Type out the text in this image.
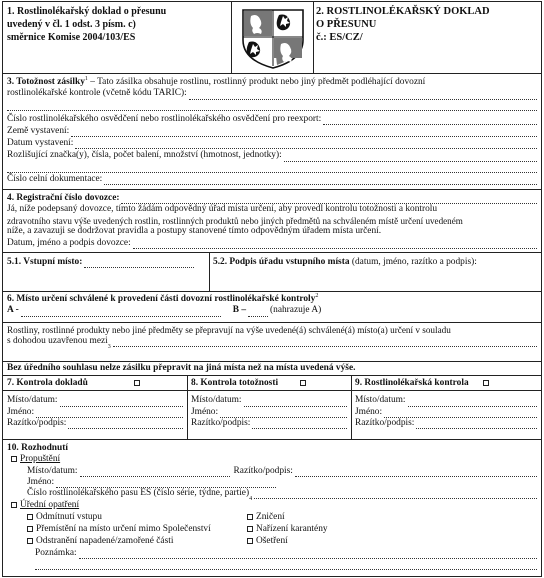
1. Rostlinolékařský doklad o přesunu
uvedený v čl. 1 odst. 3 písm. c)
směrnice Komise 2004/103/ES
2. ROSTLINOLÉKAŘSKÝ DOKLAD
O PŘESUNU
č.: ES/CZ/
3. Totožnost zásilky$^1$ – Tato zásilka obsahuje rostlinu, rostlinný produkt nebo jiný předmět podléhající dovozní
rostlinolékařské kontrole (včetně kódu TARIC):
Číslo rostlinolékařského osvědčení nebo rostlinolékařského osvědčení pro reexport:
Země vystavení:
Datum vystavení:
Rozlišující značka(y), čísla, počet balení, množství (hmotnost, jednotky):
Číslo celní dokumentace:
4. Registrační číslo dovozce:
Já, níže podepsaný dovozce, tímto žádám odpovědný úřad místa určení, aby provedl kontrolu totožnosti a kontrolu
zdravotního stavu výše uvedených rostlin, rostlinných produktů nebo jiných předmětů na schváleném místě určení uvedeném
níže, a zavazuji se dodržovat pravidla a postupy stanovené tímto odpovědným úřadem místa určení.
Datum, jméno a podpis dovozce:
5.1. Vstupní místo:	5.2. Podpis úřadu vstupního místa (datum, jméno, razítko a podpis):
6. Místo určení schválené k provedení části dovozní rostlinolékařské kontroly$^2$
A -	B –	(nahrazuje A)
Rostliny, rostlinné produkty nebo jiné předměty se přepravují na výše uvedené(á) schválené(á) místo(a) určení v souladu
s dohodou uzavřenou mezi
3
Bez úředního souhlasu nelze zásilku přepravit na jiná místa než na místa uvedená výše.
7. Kontrola dokladů
Místo/datum:
Jméno:
Razítko/podpis:
8. Kontrola totožnosti
Místo/datum:
Jméno:
Razítko/podpis:
9. Rostlinolékařská kontrola
Místo/datum:
Jméno:
Razítko/podpis:
10. Rozhodnutí
Propuštění
Místo/datum:	Razítko/podpis:
Jméno:
Číslo rostlinolékařského pasu ES (číslo série, týdne, partie)
4
Úřední opatření
Odmítnutí vstupu
Přemístění na místo určení mimo Společenství
Odstranění napadené/zamořené části
Zničení
Nařízení karantény
Ošetření
Poznámka:
